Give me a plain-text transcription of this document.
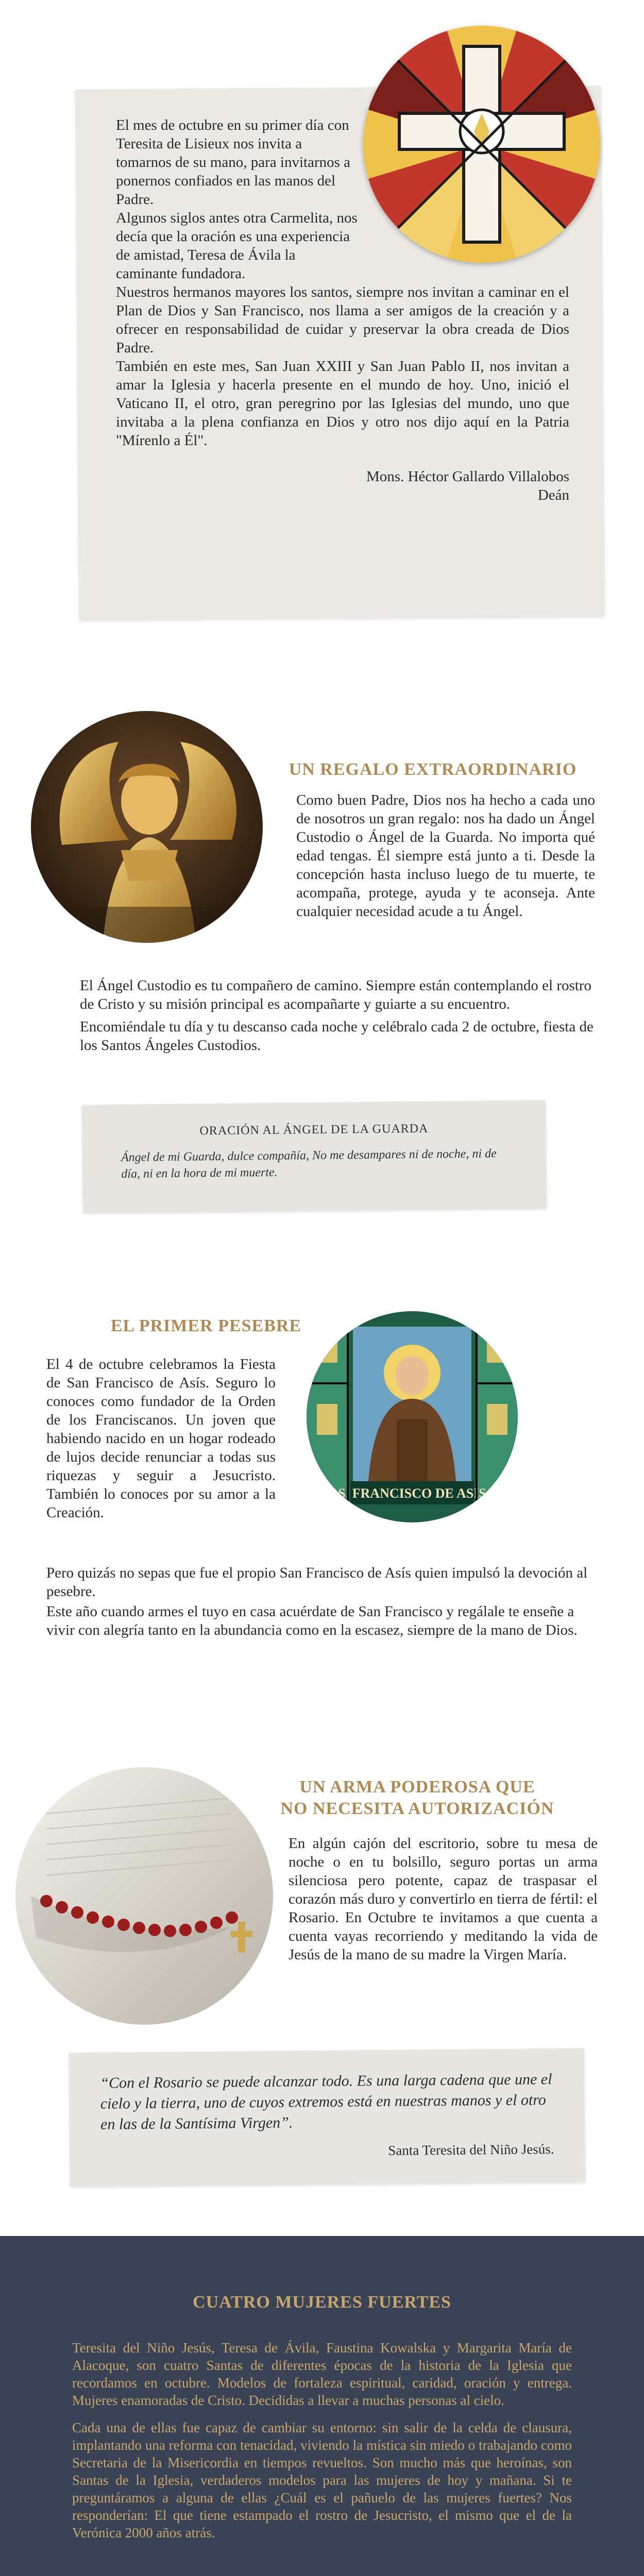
El mes de octubre en su primer día con Teresita de Lisieux nos invita a tomarnos de su mano, para invitarnos a ponernos confiados en las manos del Padre.

Algunos siglos antes otra Carmelita, nos decía que la oración es una experiencia de amistad, Teresa de Ávila la caminante fundadora.

Nuestros hermanos mayores los santos, siempre nos invitan a caminar en el Plan de Dios y San Francisco, nos llama a ser amigos de la creación y a ofrecer en responsabilidad de cuidar y preservar la obra creada de Dios Padre.

También en este mes, San Juan XXIII y San Juan Pablo II, nos invitan a amar la Iglesia y hacerla presente en el mundo de hoy. Uno, inició el Vaticano II, el otro, gran peregrino por las Iglesias del mundo, uno que invitaba a la plena confianza en Dios y otro nos dijo aquí en la Patria "Mírenlo a Él".

Mons. Héctor Gallardo Villalobos

Deán

UN REGALO EXTRAORDINARIO

Como buen Padre, Dios nos ha hecho a cada uno de nosotros un gran regalo: nos ha dado un Ángel Custodio o Ángel de la Guarda. No importa qué edad tengas. Él siempre está junto a ti. Desde la concepción hasta incluso luego de tu muerte, te acompaña, protege, ayuda y te aconseja. Ante cualquier necesidad acude a tu Ángel.

El Ángel Custodio es tu compañero de camino. Siempre están contemplando el rostro de Cristo y su misión principal es acompañarte y guiarte a su encuentro.

Encomiéndale tu día y tu descanso cada noche y celébralo cada 2 de octubre, fiesta de los Santos Ángeles Custodios.

ORACIÓN AL ÁNGEL DE LA GUARDA

Ángel de mi Guarda, dulce compañía, No me desampares ni de noche, ni de día, ni en la hora de mi muerte.

EL PRIMER PESEBRE
S. FRANCISCO DE ASIS

El 4 de octubre celebramos la Fiesta de San Francisco de Asís. Seguro lo conoces como fundador de la Orden de los Franciscanos. Un joven que habiendo nacido en un hogar rodeado de lujos decide renunciar a todas sus riquezas y seguir a Jesucristo. También lo conoces por su amor a la Creación.

Pero quizás no sepas que fue el propio San Francisco de Asís quien impulsó la devoción al pesebre.

Este año cuando armes el tuyo en casa acuérdate de San Francisco y regálale te enseñe a vivir con alegría tanto en la abundancia como en la escasez, siempre de la mano de Dios.

UN ARMA PODEROSA QUE
NO NECESITA AUTORIZACIÓN

En algún cajón del escritorio, sobre tu mesa de noche o en tu bolsillo, seguro portas un arma silenciosa pero potente, capaz de traspasar el corazón más duro y convertirlo en tierra de fértil: el Rosario. En Octubre te invitamos a que cuenta a cuenta vayas recorriendo y meditando la vida de Jesús de la mano de su madre la Virgen María.

“Con el Rosario se puede alcanzar todo. Es una larga cadena que une el cielo y la tierra, uno de cuyos extremos está en nuestras manos y el otro en las de la Santísima Virgen”.

Santa Teresita del Niño Jesús.

CUATRO MUJERES FUERTES

Teresita del Niño Jesús, Teresa de Ávila, Faustina Kowalska y Margarita María de Alacoque, son cuatro Santas de diferentes épocas de la historia de la Iglesia que recordamos en octubre. Modelos de fortaleza espiritual, caridad, oración y entrega. Mujeres enamoradas de Cristo. Decididas a llevar a muchas personas al cielo.

Cada una de ellas fue capaz de cambiar su entorno: sin salir de la celda de clausura, implantando una reforma con tenacidad, viviendo la mística sin miedo o trabajando como Secretaria de la Misericordia en tiempos revueltos. Son mucho más que heroínas, son Santas de la Iglesia, verdaderos modelos para las mujeres de hoy y mañana. Si te preguntáramos a alguna de ellas ¿Cuál es el pañuelo de las mujeres fuertes? Nos responderían: El que tiene estampado el rostro de Jesucristo, el mismo que el de la Verónica 2000 años atrás.
